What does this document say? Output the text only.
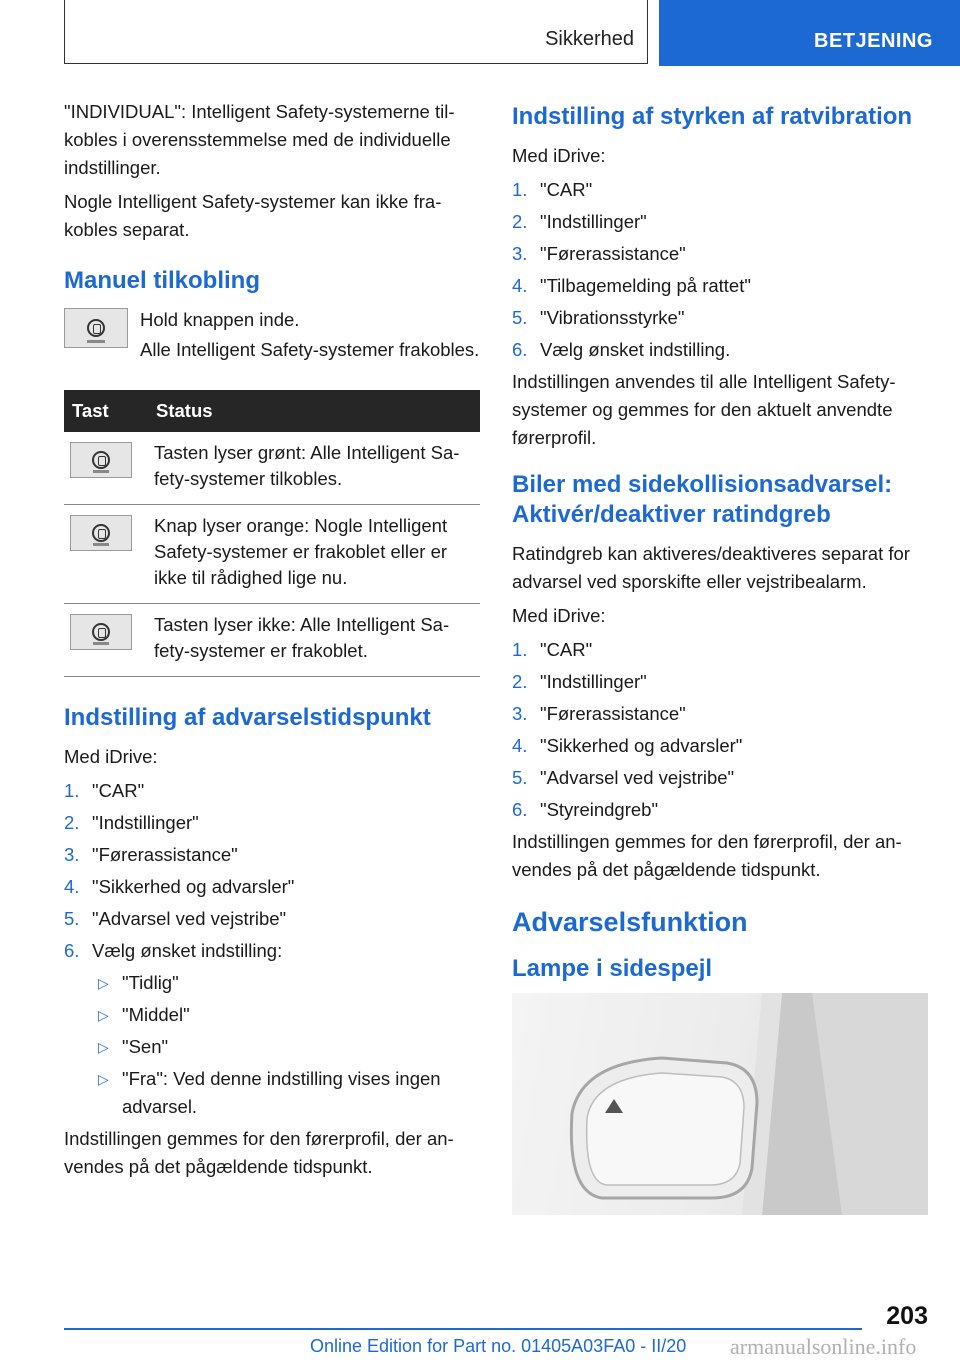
Sikkerhed	BETJENING

"INDIVIDUAL": Intelligent Safety-systemerne tilkobles i overensstemmelse med de individuelle indstillinger.

Nogle Intelligent Safety-systemer kan ikke frakobles separat.

Manuel tilkobling

Hold knappen inde.

Alle Intelligent Safety-systemer frakobles.

Tast	Status

	Tasten lyser grønt: Alle Intelligent Safety-systemer tilkobles.

	Knap lyser orange: Nogle Intelligent Safety-systemer er frakoblet eller er ikke til rådighed lige nu.

	Tasten lyser ikke: Alle Intelligent Safety-systemer er frakoblet.
Indstilling af advarselstidspunkt

Med iDrive:

1. "CAR"
2. "Indstillinger"
3. "Førerassistance"
4. "Sikkerhed og advarsler"
5. "Advarsel ved vejstribe"
6. Vælg ønsket indstilling:
▷ "Tidlig"
▷ "Middel"
▷ "Sen"
▷ "Fra": Ved denne indstilling vises ingen advarsel.

Indstillingen gemmes for den førerprofil, der anvendes på det pågældende tidspunkt.

Indstilling af styrken af ratvibration

Med iDrive:

1. "CAR"
2. "Indstillinger"
3. "Førerassistance"
4. "Tilbagemelding på rattet"
5. "Vibrationsstyrke"
6. Vælg ønsket indstilling.

Indstillingen anvendes til alle Intelligent Safety-systemer og gemmes for den aktuelt anvendte førerprofil.

Biler med sidekollisionsadvarsel: Aktivér/deaktiver ratindgreb

Ratindgreb kan aktiveres/deaktiveres separat for advarsel ved sporskifte eller vejstribealarm.

Med iDrive:

1. "CAR"
2. "Indstillinger"
3. "Førerassistance"
4. "Sikkerhed og advarsler"
5. "Advarsel ved vejstribe"
6. "Styreindgreb"

Indstillingen gemmes for den førerprofil, der anvendes på det pågældende tidspunkt.

Advarselsfunktion
Lampe i sidespejl
203
Online Edition for Part no. 01405A03FA0 - II/20 armanualsonline.info
